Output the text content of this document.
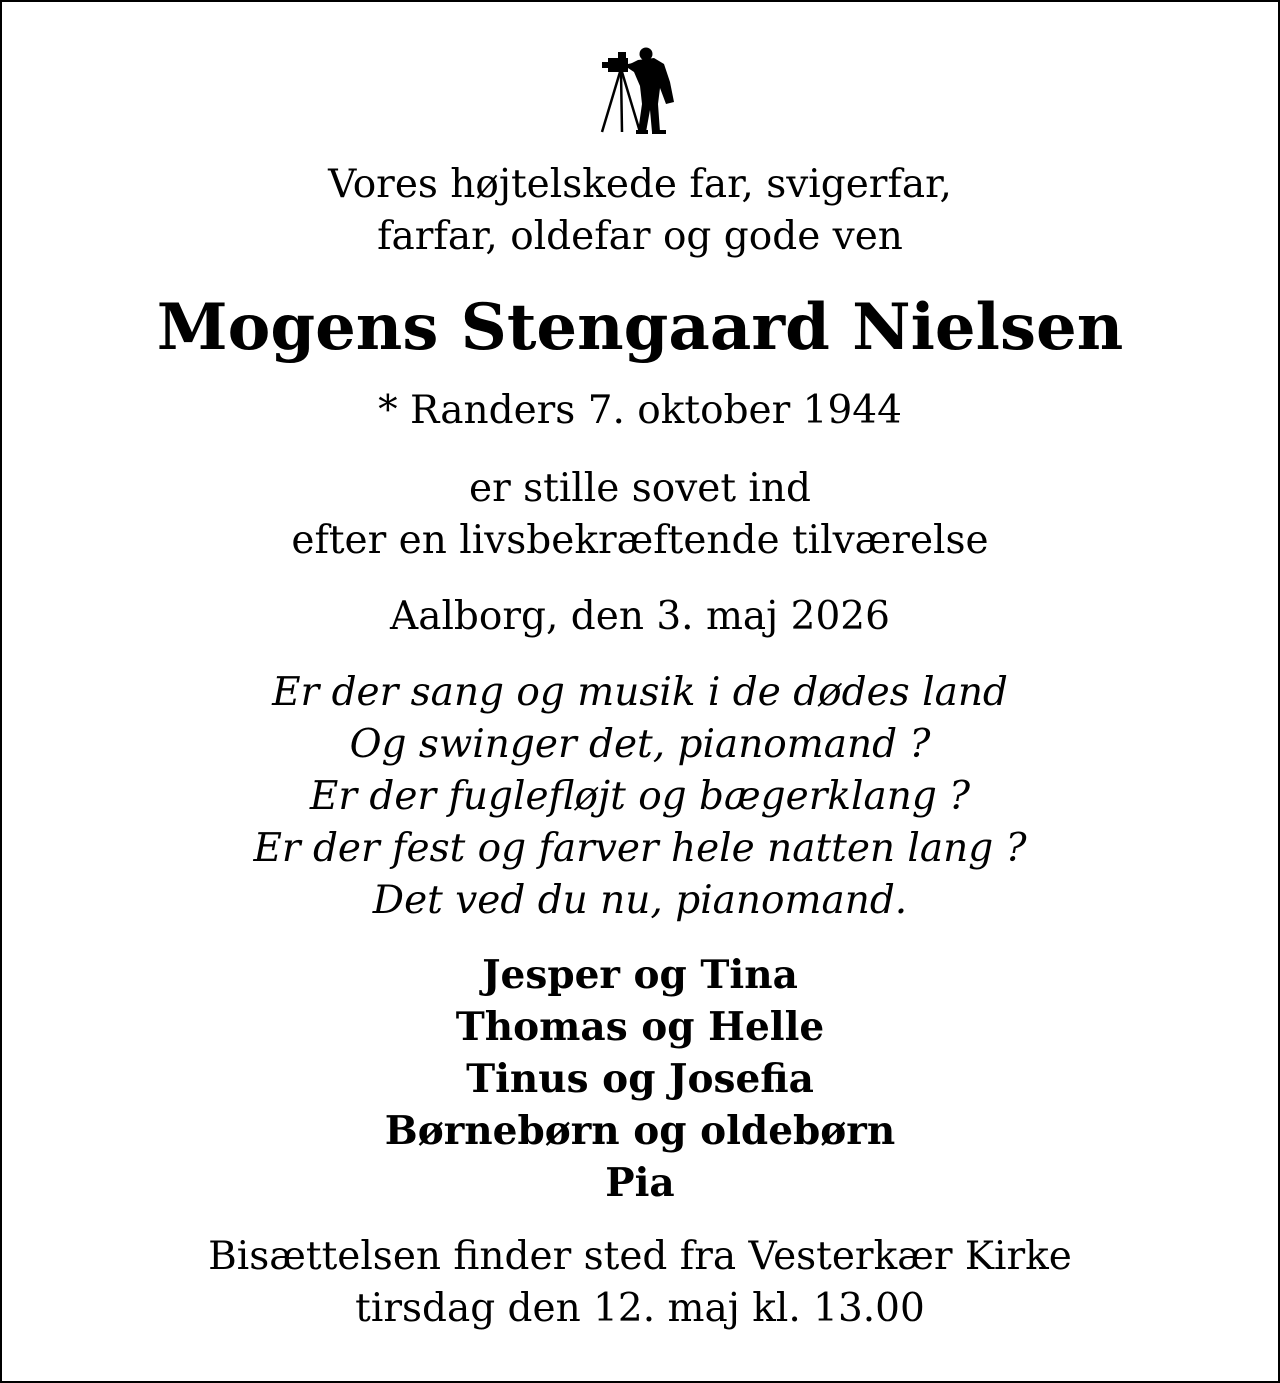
Vores højtelskede far, svigerfar,
farfar, oldefar og gode ven
Mogens Stengaard Nielsen
* Randers 7. oktober 1944
er stille sovet ind
efter en livsbekræftende tilværelse
Aalborg, den 3. maj 2026
Er der sang og musik i de dødes land
Og swinger det, pianomand ?
Er der fuglefløjt og bægerklang ?
Er der fest og farver hele natten lang ?
Det ved du nu, pianomand.
Jesper og Tina
Thomas og Helle
Tinus og Josefia
Børnebørn og oldebørn
Pia
Bisættelsen finder sted fra Vesterkær Kirke
tirsdag den 12. maj kl. 13.00
